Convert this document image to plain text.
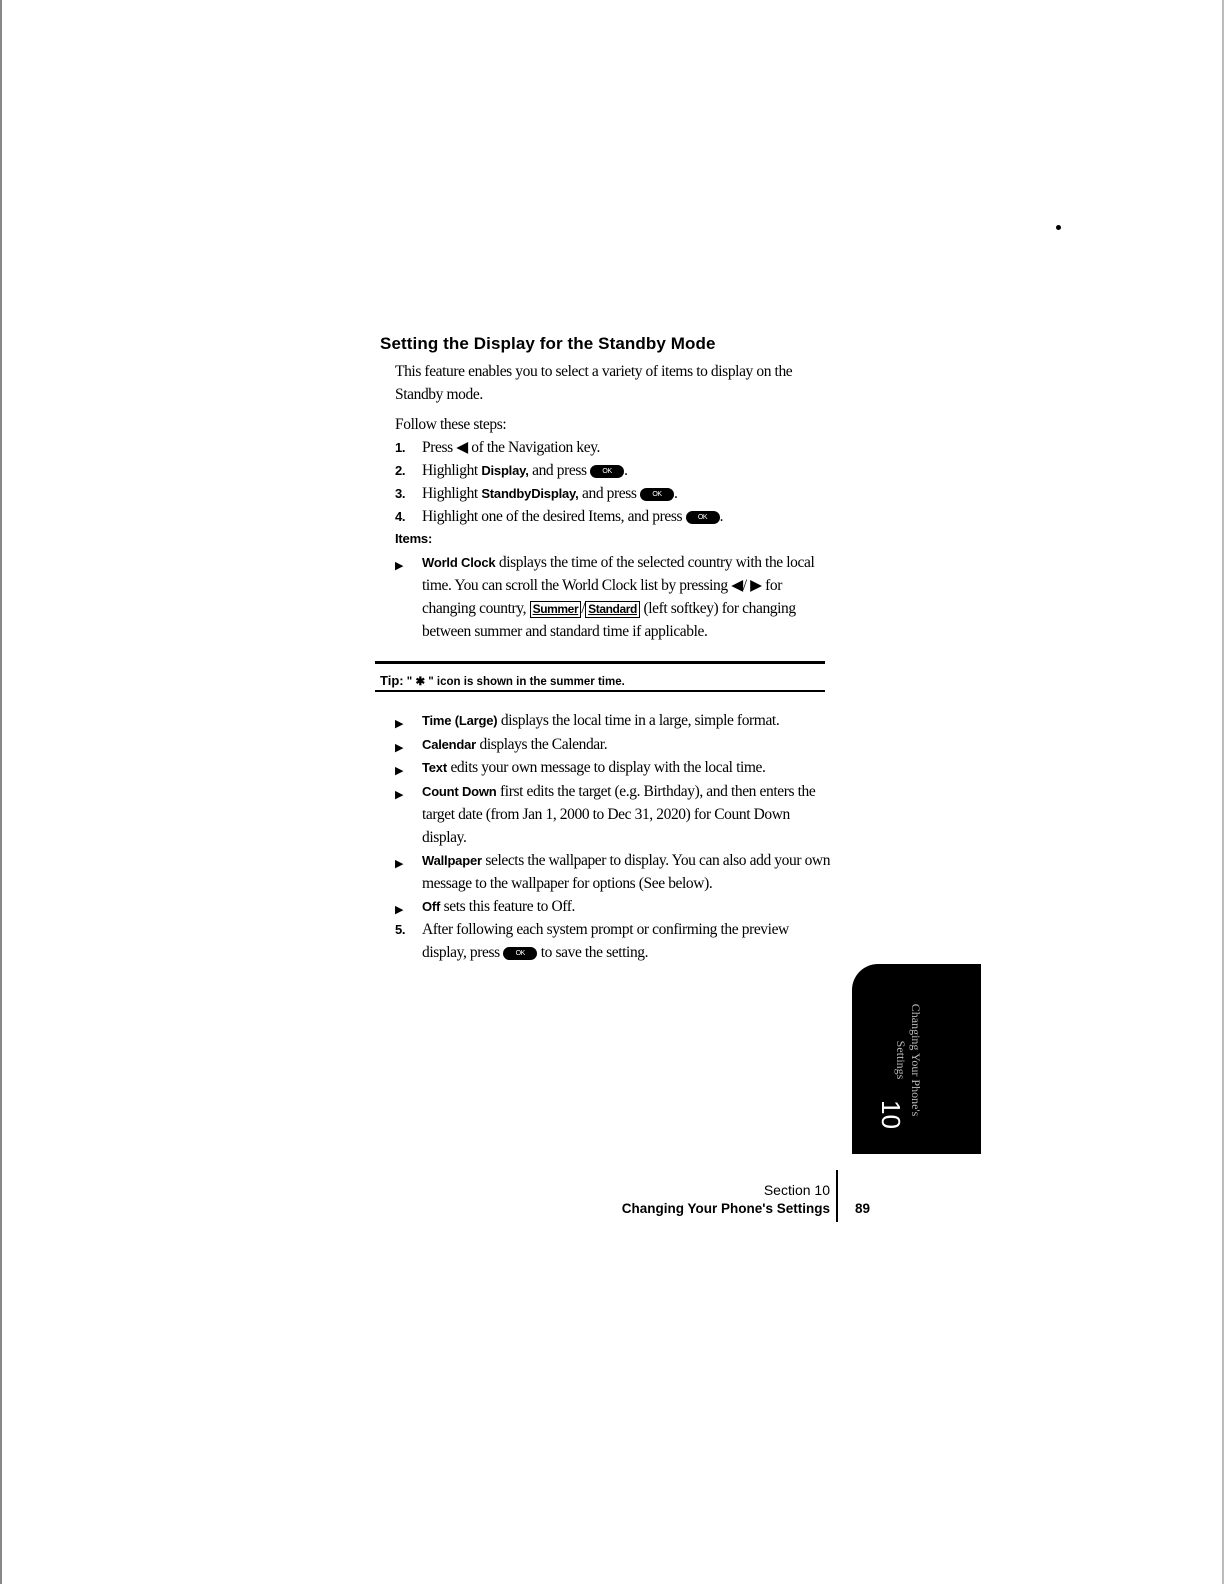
Setting the Display for the Standby Mode
This feature enables you to select a variety of items to display on the Standby mode.
Follow these steps:
1. Press ◀ of the Navigation key.
2. Highlight Display, and press OK .
3. Highlight StandbyDisplay, and press OK .
4. Highlight one of the desired Items, and press OK .
Items:
▶ World Clock displays the time of the selected country with the local time. You can scroll the World Clock list by pressing ◀/ ▶ for changing country, Summer / Standard (left softkey) for changing between summer and standard time if applicable.
Tip: " ✱ " icon is shown in the summer time.
▶ Time (Large) displays the local time in a large, simple format.
▶ Calendar displays the Calendar.
▶ Text edits your own message to display with the local time.
▶ Count Down first edits the target (e.g. Birthday), and then enters the target date (from Jan 1, 2000 to Dec 31, 2020) for Count Down display.
▶ Wallpaper selects the wallpaper to display. You can also add your own message to the wallpaper for options (See below).
▶ Off sets this feature to Off.
5. After following each system prompt or confirming the preview display, press OK to save the setting.
Changing Your Phone's Settings
10
Section 10
Changing Your Phone's Settings 89
